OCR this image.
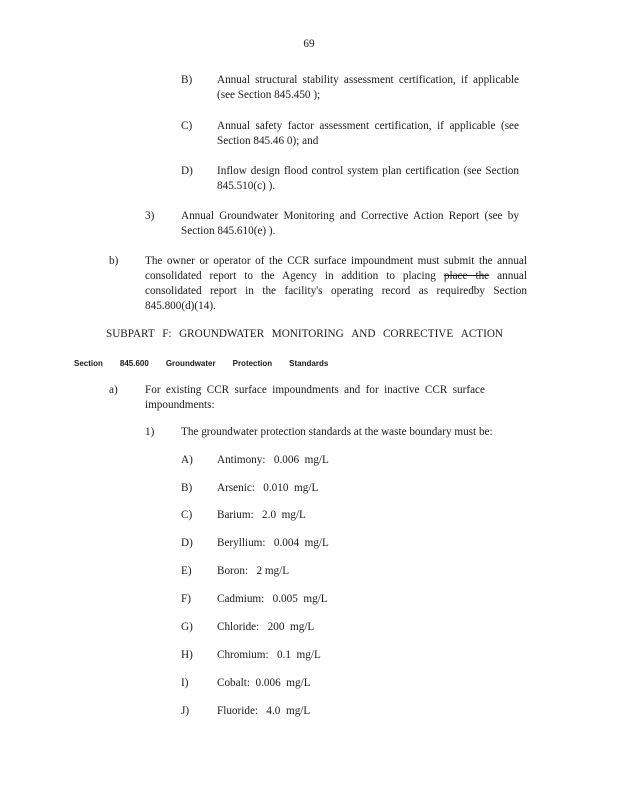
69
B) Annual structural stability assessment certification, if applicable (see Section 845.450 );
C) Annual safety factor assessment certification, if applicable (see Section 845.46 0); and
D) Inflow design flood control system plan certification (see Section 845.510(c) ).
3) Annual Groundwater Monitoring and Corrective Action Report (see by Section 845.610(e) ).
b) The owner or operator of the CCR surface impoundment must submit the annual consolidated report to the Agency in addition to placing place the annual consolidated report in the facility's operating record as requiredby Section 845.800(d)(14).
SUBPART F: GROUNDWATER MONITORING AND CORRECTIVE ACTION
Section 845.600 Groundwater Protection Standards
a) For existing CCR surface impoundments and for inactive CCR surface impoundments:
1) The groundwater protection standards at the waste boundary must be:
A) Antimony:   0.006  mg/L
B) Arsenic:   0.010  mg/L
C) Barium:   2.0  mg/L
D) Beryllium:   0.004  mg/L
E) Boron:   2 mg/L
F) Cadmium:   0.005  mg/L
G) Chloride:   200  mg/L
H) Chromium:   0.1  mg/L
I)	Cobalt:  0.006  mg/L
J) Fluoride:   4.0  mg/L
